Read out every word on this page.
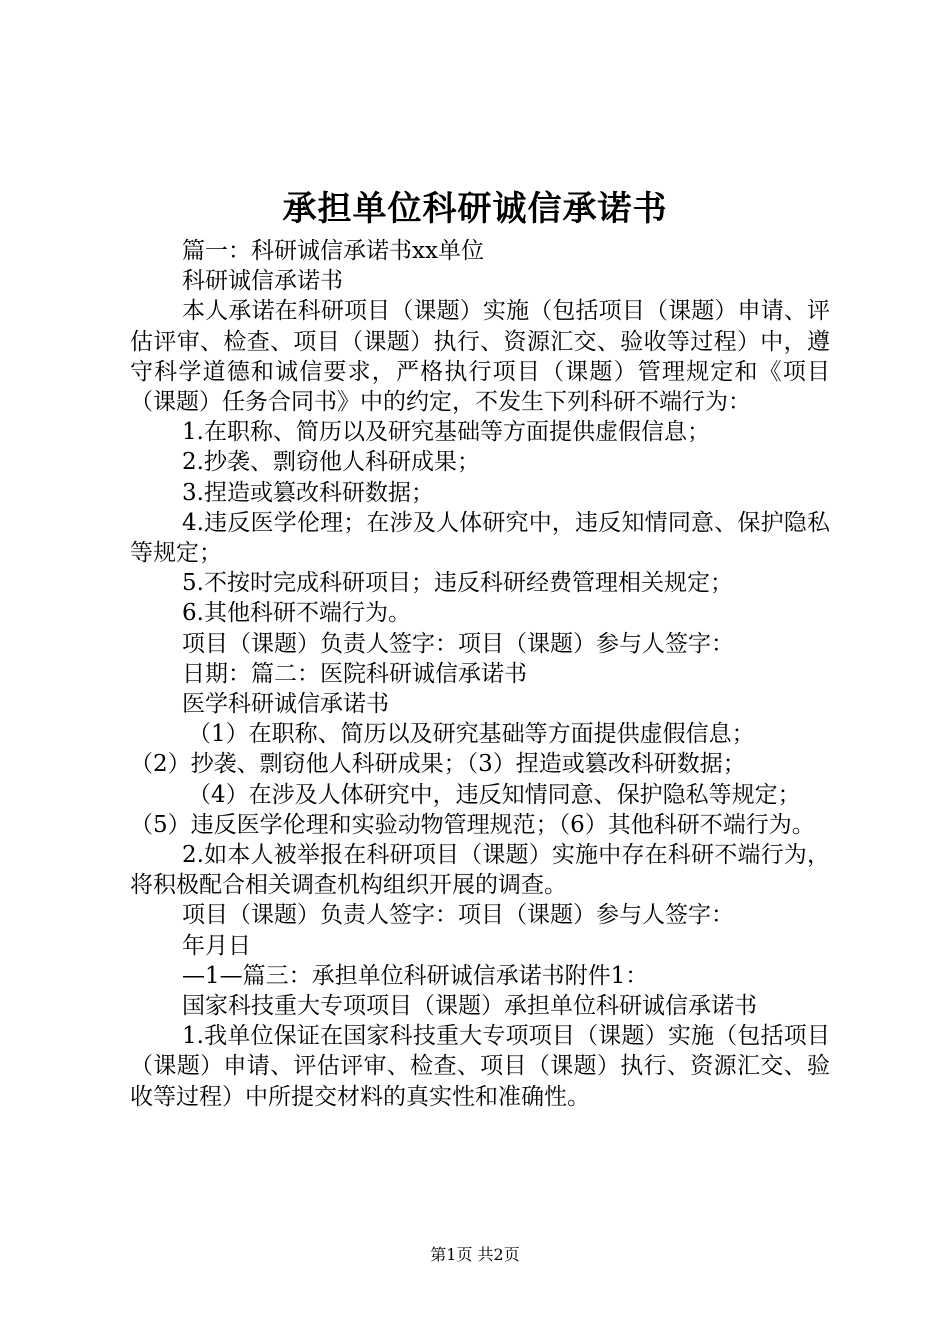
承担单位科研诚信承诺书

篇一：科研诚信承诺书xx单位

科研诚信承诺书

本人承诺在科研项目（课题）实施（包括项目（课题）申请、评估评审、检查、项目（课题）执行、资源汇交、验收等过程）中，遵守科学道德和诚信要求，严格执行项目（课题）管理规定和《项目（课题）任务合同书》中的约定，不发生下列科研不端行为：

1.在职称、简历以及研究基础等方面提供虚假信息；

2.抄袭、剽窃他人科研成果；

3.捏造或篡改科研数据；

4.违反医学伦理；在涉及人体研究中，违反知情同意、保护隐私等规定；

5.不按时完成科研项目；违反科研经费管理相关规定；

6.其他科研不端行为。

项目（课题）负责人签字：项目（课题）参与人签字：

日期：篇二：医院科研诚信承诺书

医学科研诚信承诺书

（1）在职称、简历以及研究基础等方面提供虚假信息；

（2）抄袭、剽窃他人科研成果；（3）捏造或篡改科研数据；

（4）在涉及人体研究中，违反知情同意、保护隐私等规定；

（5）违反医学伦理和实验动物管理规范；（6）其他科研不端行为。

2.如本人被举报在科研项目（课题）实施中存在科研不端行为，将积极配合相关调查机构组织开展的调查。

项目（课题）负责人签字：项目（课题）参与人签字：

年月日

—1—篇三：承担单位科研诚信承诺书附件1：

国家科技重大专项项目（课题）承担单位科研诚信承诺书

1.我单位保证在国家科技重大专项项目（课题）实施（包括项目（课题）申请、评估评审、检查、项目（课题）执行、资源汇交、验收等过程）中所提交材料的真实性和准确性。

第1页 共2页
